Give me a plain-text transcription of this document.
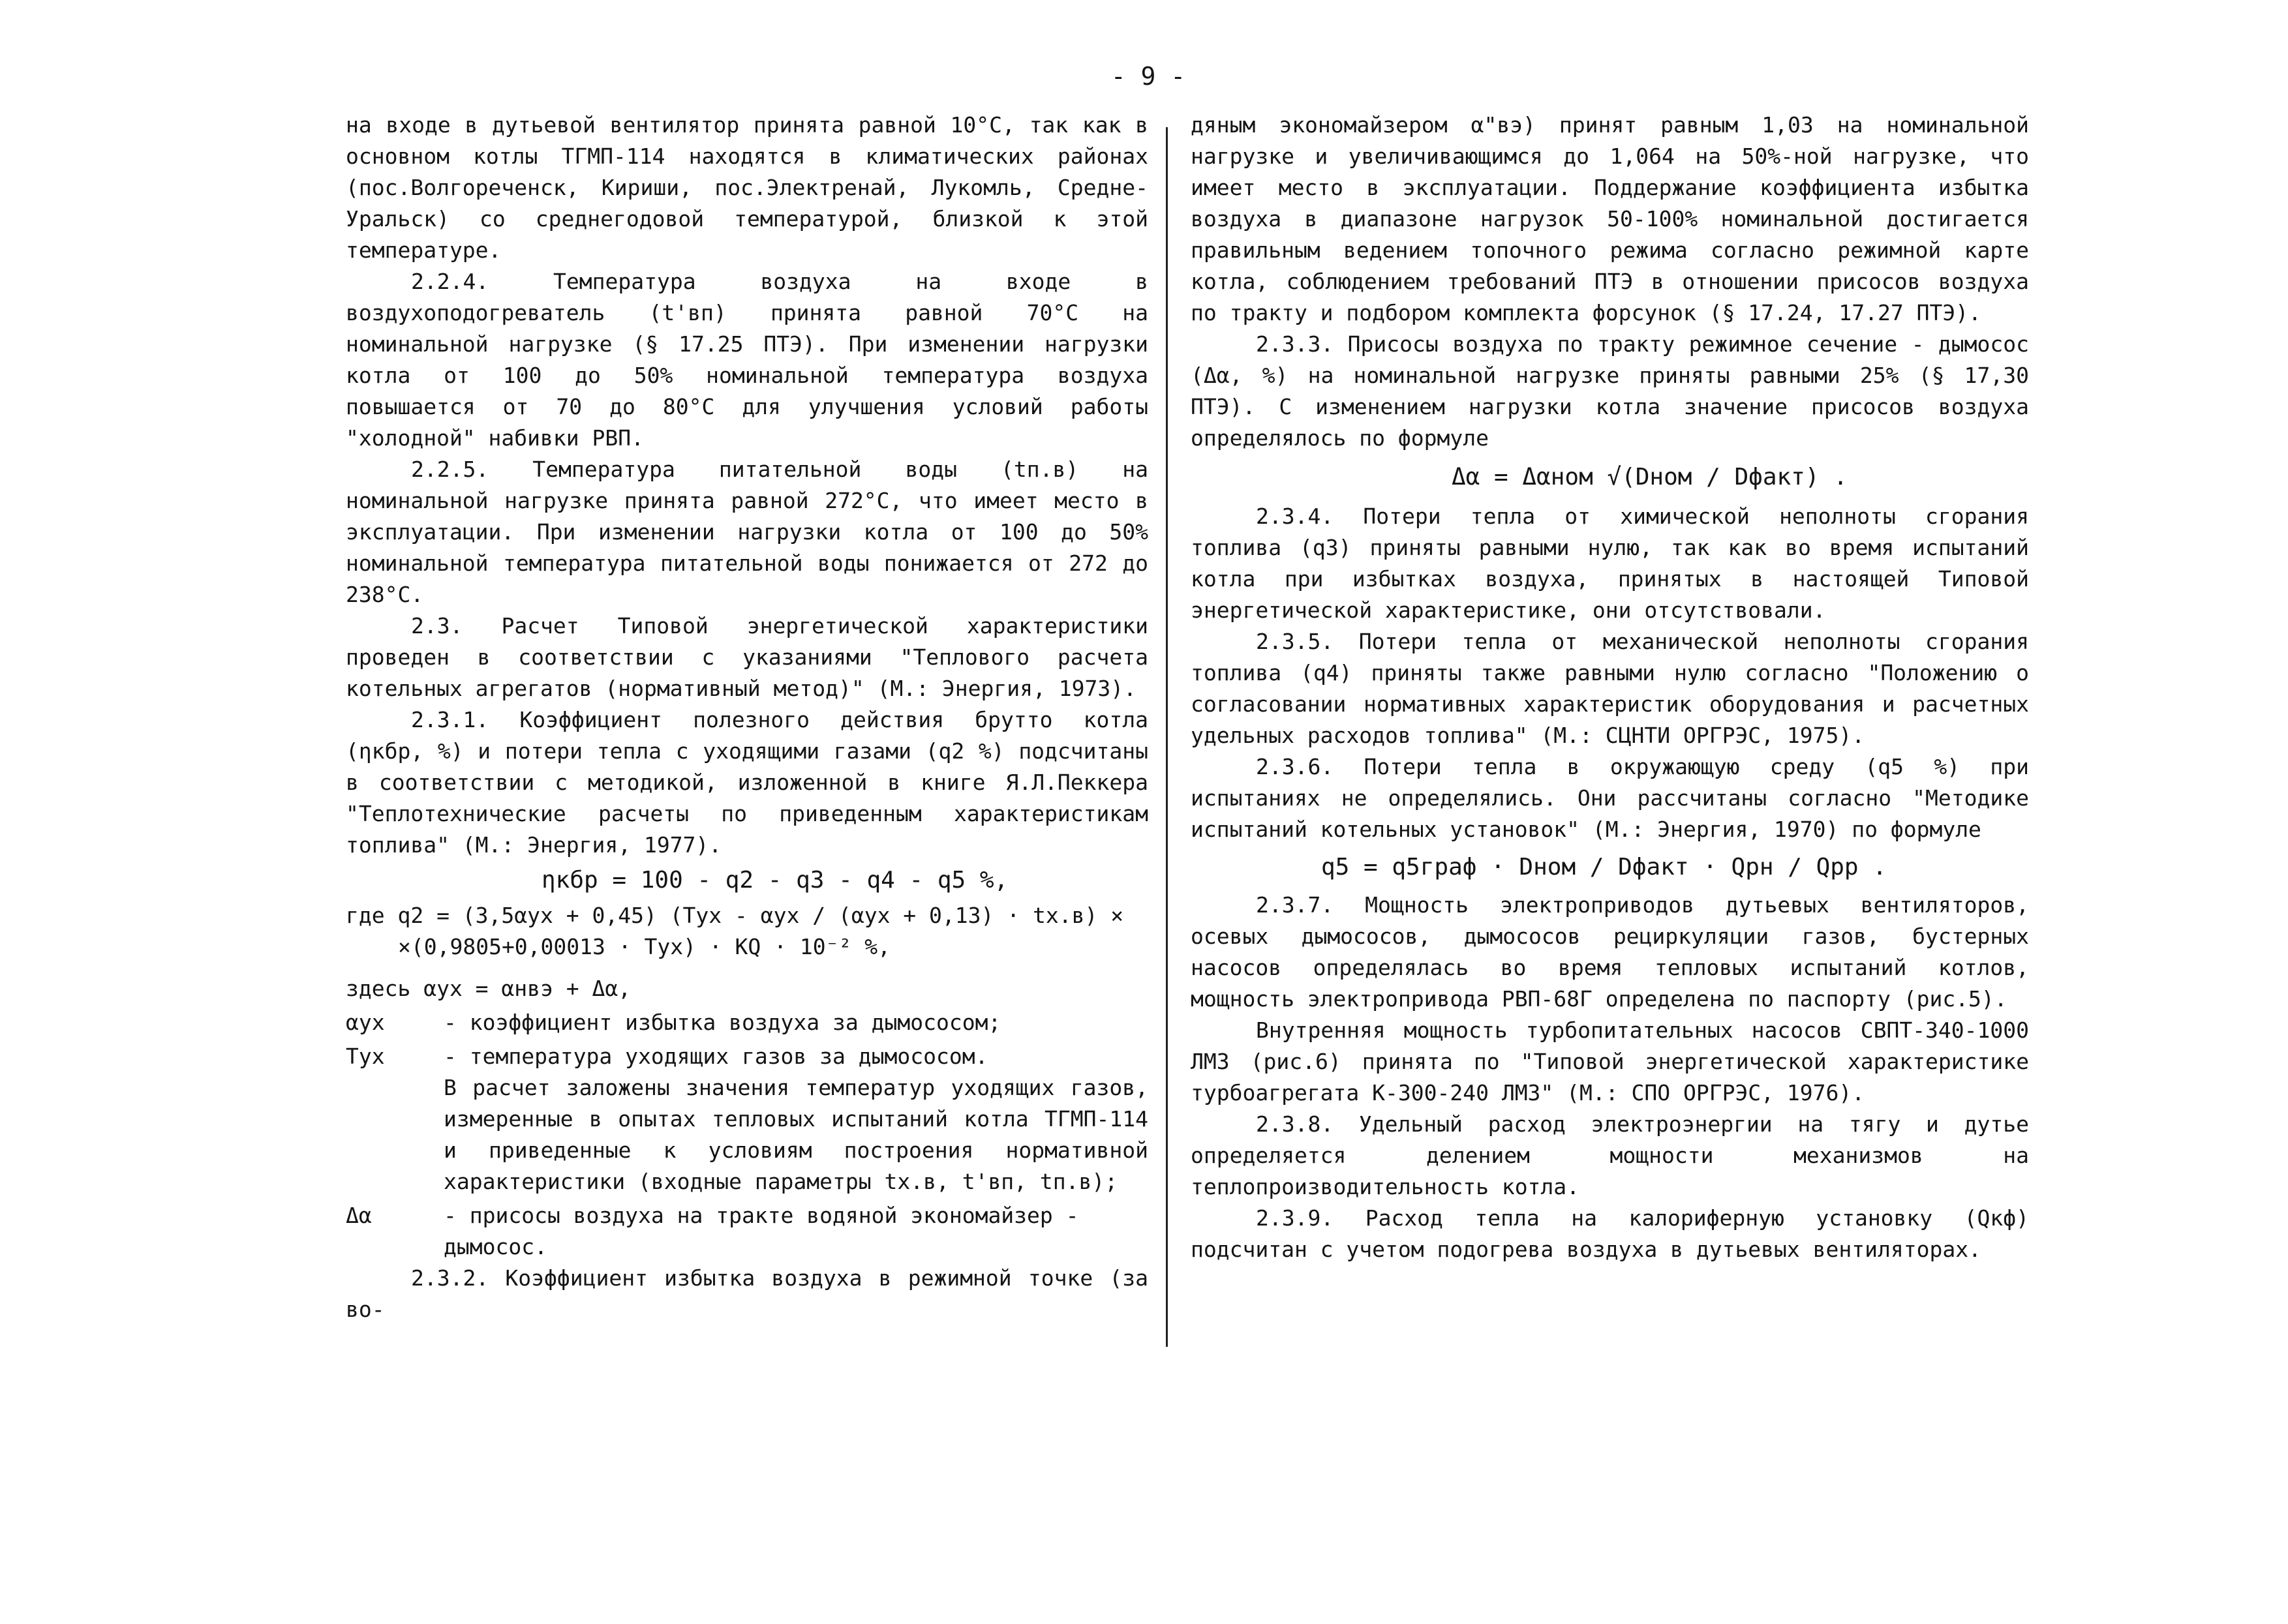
- 9 -

на входе в дутьевой вентилятор принята равной 10°С, так как в основном котлы ТГМП-114 находятся в климатических районах (пос.Волгореченск, Кириши, пос.Электренай, Лукомль, Средне-Уральск) со среднегодовой температурой, близкой к этой температуре.

2.2.4. Температура воздуха на входе в воздухоподогреватель (t'вп) принята равной 70°С на номинальной нагрузке (§ 17.25 ПТЭ). При изменении нагрузки котла от 100 до 50% номинальной температура воздуха повышается от 70 до 80°С для улучшения условий работы "холодной" набивки РВП.

2.2.5. Температура питательной воды (tп.в) на номинальной нагрузке принята равной 272°С, что имеет место в эксплуатации. При изменении нагрузки котла от 100 до 50% номинальной температура питательной воды понижается от 272 до 238°С.

2.3. Расчет Типовой энергетической характеристики проведен в соответствии с указаниями "Теплового расчета котельных агрегатов (нормативный метод)" (М.: Энергия, 1973).

2.3.1. Коэффициент полезного действия брутто котла (ηкбр, %) и потери тепла с уходящими газами (q2 %) подсчитаны в соответствии с методикой, изложенной в книге Я.Л.Пеккера "Теплотехнические расчеты по приведенным характеристикам топлива" (М.: Энергия, 1977).

ηкбр = 100 - q2 - q3 - q4 - q5 %,
где q2 = (3,5αух + 0,45) (Tух - αух / (αух + 0,13) · tх.в) ×
×(0,9805+0,00013 · Tух) · KQ · 10⁻² %,
здесь αух = αнвэ + Δα,
αух	- коэффициент избытка воздуха за дымососом;
Tух	- температура уходящих газов за дымососом.

В расчет заложены значения температур уходящих газов, измеренные в опытах тепловых испытаний котла ТГМП-114 и приведенные к условиям построения нормативной характеристики (входные параметры tх.в, t'вп, tп.в);

Δα	- присосы воздуха на тракте водяной экономайзер - дымосос.

2.3.2. Коэффициент избытка воздуха в режимной точке (за во-

дяным экономайзером α"вэ) принят равным 1,03 на номинальной нагрузке и увеличивающимся до 1,064 на 50%-ной нагрузке, что имеет место в эксплуатации. Поддержание коэффициента избытка воздуха в диапазоне нагрузок 50-100% номинальной достигается правильным ведением топочного режима согласно режимной карте котла, соблюдением требований ПТЭ в отношении присосов воздуха по тракту и подбором комплекта форсунок (§ 17.24, 17.27 ПТЭ).

2.3.3. Присосы воздуха по тракту режимное сечение - дымосос (Δα, %) на номинальной нагрузке приняты равными 25% (§ 17,30 ПТЭ). С изменением нагрузки котла значение присосов воздуха определялось по формуле

Δα = Δαном √(Dном / Dфакт) .

2.3.4. Потери тепла от химической неполноты сгорания топлива (q3) приняты равными нулю, так как во время испытаний котла при избытках воздуха, принятых в настоящей Типовой энергетической характеристике, они отсутствовали.

2.3.5. Потери тепла от механической неполноты сгорания топлива (q4) приняты также равными нулю согласно "Положению о согласовании нормативных характеристик оборудования и расчетных удельных расходов топлива" (М.: СЦНТИ ОРГРЭС, 1975).

2.3.6. Потери тепла в окружающую среду (q5 %) при испытаниях не определялись. Они рассчитаны согласно "Методике испытаний котельных установок" (М.: Энергия, 1970) по формуле

q5 = q5граф · Dном / Dфакт · Qрн / Qрр .

2.3.7. Мощность электроприводов дутьевых вентиляторов, осевых дымососов, дымососов рециркуляции газов, бустерных насосов определялась во время тепловых испытаний котлов, мощность электропривода РВП-68Г определена по паспорту (рис.5).

Внутренняя мощность турбопитательных насосов СВПТ-340-1000 ЛМЗ (рис.6) принята по "Типовой энергетической характеристике турбоагрегата К-300-240 ЛМЗ" (М.: СПО ОРГРЭС, 1976).

2.3.8. Удельный расход электроэнергии на тягу и дутье определяется делением мощности механизмов на теплопроизводительность котла.

2.3.9. Расход тепла на калориферную установку (Qкф) подсчитан с учетом подогрева воздуха в дутьевых вентиляторах.
